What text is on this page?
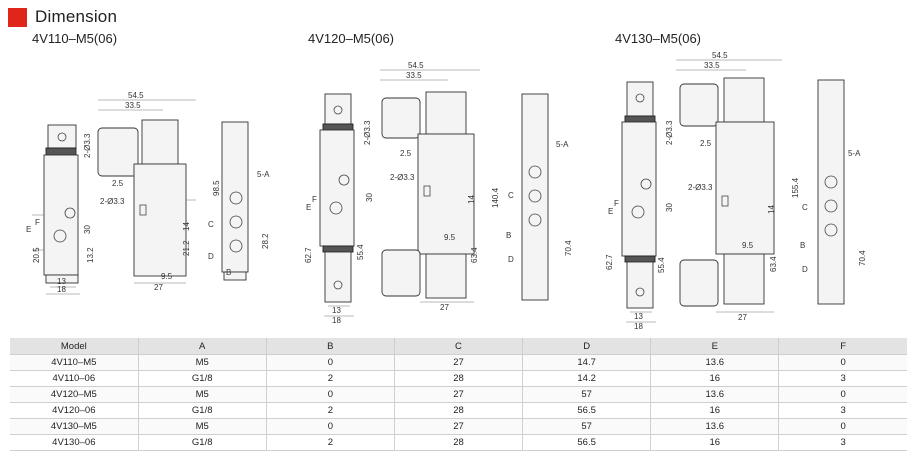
Dimension
4V110–M5(06)	4V120–M5(06)	4V130–M5(06)
E
F
20.5	13.2
2-Ø3.3
13
18
54.5
33.5
2.5
2-Ø3.3
98.5
14
21.2
30
27
9.5
5-A
C
D
B
28.2
2-Ø3.3
E
F
62.7	55.4
13
18
54.5
33.5
2.5
2-Ø3.3
140.4
30	14
9.5
63.4
27
5-A
C
D
B
70.4
2-Ø3.3
E
F
62.7	55.4
13
18
54.5
33.5
2.5
2-Ø3.3	155.4
30	14
9.5
63.4
27
5-A
C
D
B
70.4
Model	A	B	C	D	E	F
4V110–M5	M5	0	27	14.7	13.6	0
4V110–06	G1/8	2	28	14.2	16	3
4V120–M5	M5	0	27	57	13.6	0
4V120–06	G1/8	2	28	56.5	16	3
4V130–M5	M5	0	27	57	13.6	0
4V130–06	G1/8	2	28	56.5	16	3
